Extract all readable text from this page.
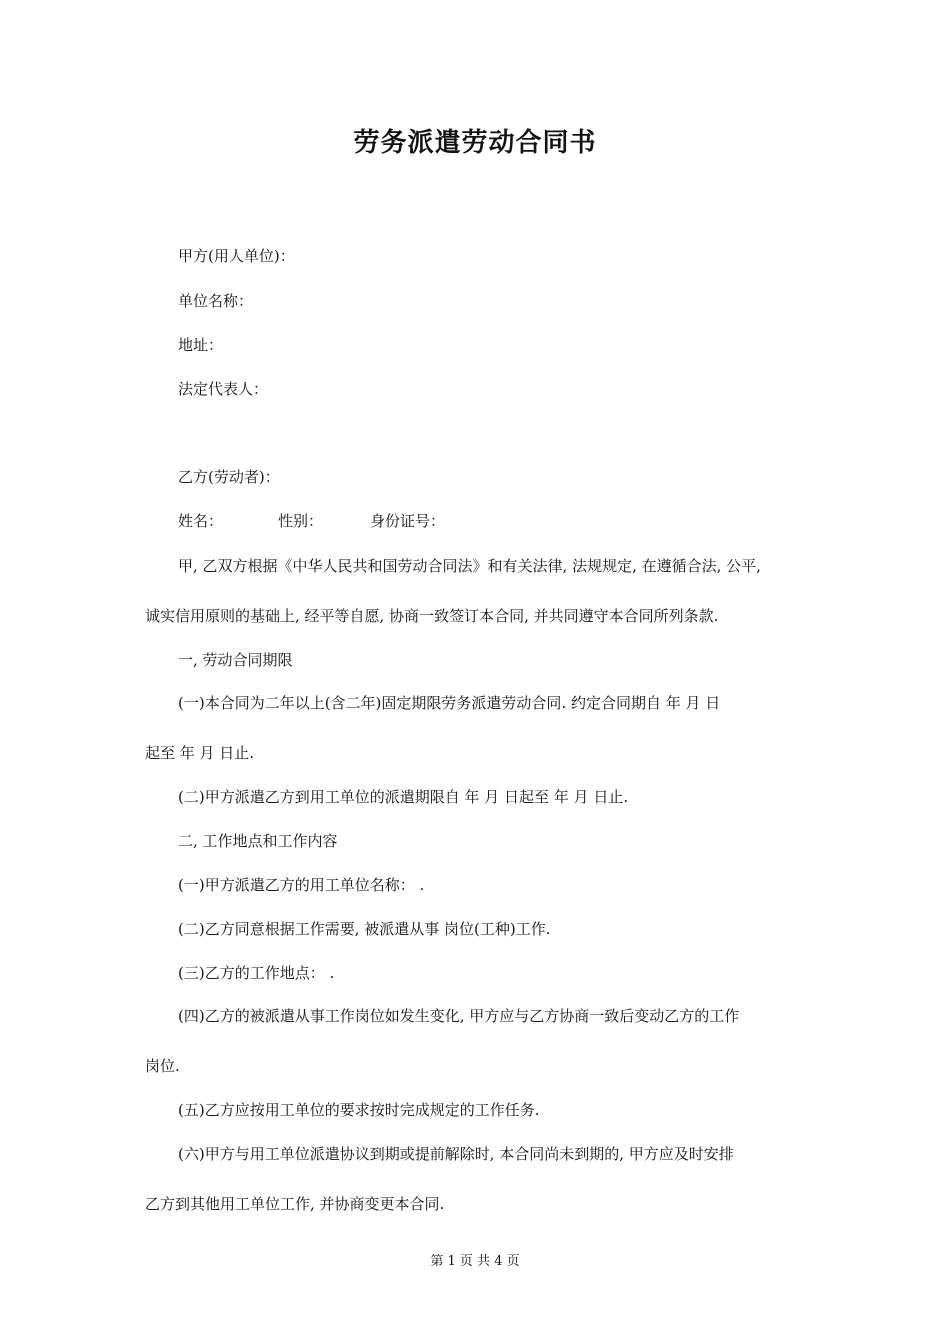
劳务派遣劳动合同书
甲方(用人单位)：
单位名称：
地址：
法定代表人：
乙方(劳动者)：
姓名：	性别：	身份证号：
甲, 乙双方根据《中华人民共和国劳动合同法》和有关法律, 法规规定, 在遵循合法, 公平,
诚实信用原则的基础上, 经平等自愿, 协商一致签订本合同, 并共同遵守本合同所列条款.
一, 劳动合同期限
(一)本合同为二年以上(含二年)固定期限劳务派遣劳动合同. 约定合同期自 年 月 日
起至 年 月 日止.
(二)甲方派遣乙方到用工单位的派遣期限自 年 月 日起至 年 月 日止.
二, 工作地点和工作内容
(一)甲方派遣乙方的用工单位名称： .
(二)乙方同意根据工作需要, 被派遣从事 岗位(工种)工作.
(三)乙方的工作地点： .
(四)乙方的被派遣从事工作岗位如发生变化, 甲方应与乙方协商一致后变动乙方的工作
岗位.
(五)乙方应按用工单位的要求按时完成规定的工作任务.
(六)甲方与用工单位派遣协议到期或提前解除时, 本合同尚未到期的, 甲方应及时安排
乙方到其他用工单位工作, 并协商变更本合同.
第 1 页 共 4 页
